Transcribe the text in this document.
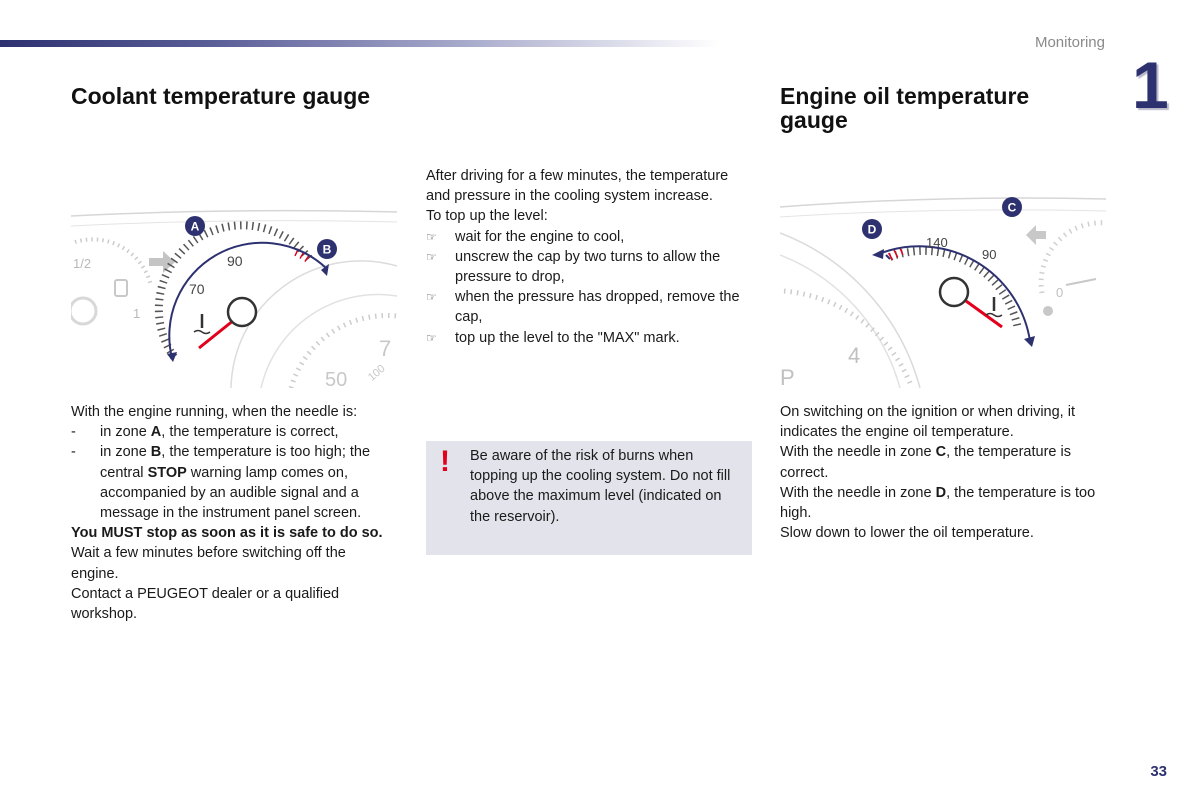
Monitoring
1
Coolant temperature gauge	Engine oil temperature gauge
1/2
1
50 100
7
90
70
A
B
P
4
0
140
90
C
D

After driving for a few minutes, the temperature and pressure in the cooling system increase.

To top up the level:

☞ wait for the engine to cool,
☞ unscrew the cap by two turns to allow the pressure to drop,
☞ when the pressure has dropped, remove the cap,
☞ top up the level to the "MAX" mark.
! Be aware of the risk of burns when topping up the cooling system. Do not fill above the maximum level (indicated on the reservoir).

With the engine running, when the needle is:

- in zone A, the temperature is correct,
- in zone B, the temperature is too high; the central STOP warning lamp comes on, accompanied by an audible signal and a message in the instrument panel screen.

You MUST stop as soon as it is safe to do so.

Wait a few minutes before switching off the engine.

Contact a PEUGEOT dealer or a qualified workshop.

On switching on the ignition or when driving, it indicates the engine oil temperature.

With the needle in zone C, the temperature is correct.

With the needle in zone D, the temperature is too high.

Slow down to lower the oil temperature.

33
